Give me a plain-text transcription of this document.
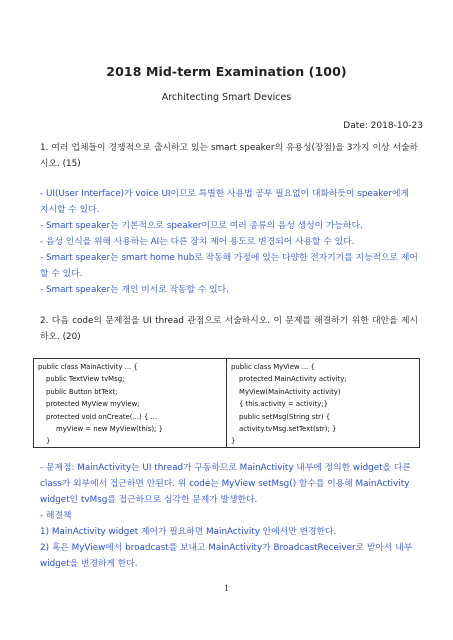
2018 Mid-term Examination (100)
Architecting Smart Devices
Date: 2018-10-23
1. 여러 업체들이 경쟁적으로 출시하고 있는 smart speaker의 유용성(장점)을 3가지 이상 서술하시오. (15)
- UI(User Interface)가 voice UI이므로 특별한 사용법 공부 필요없이 대화하듯이 speaker에게 지시할 수 있다.
- Smart speaker는 기본적으로 speaker이므로 여러 종류의 음성 생성이 가능하다.
- 음성 인식을 위해 사용하는 AI는 다른 장치 제어 용도로 변경되어 사용할 수 있다.
- Smart speaker는 smart home hub로 작동해 가정에 있는 다양한 전자기기를 지능적으로 제어할 수 있다.
- Smart speaker는 개인 비서로 작동할 수 있다.
2. 다음 code의 문제점을 UI thread 관점으로 서술하시오. 이 문제를 해결하기 위한 대안을 제시하오. (20)
public class MainActivity ... {
public TextView tvMsg;
public Button btText;
protected MyView myView;
protected void onCreate(...) { ...
myView = new MyView(this); }
}
public class MyView ... {
protected MainActivity activity;
MyView(MainActivity activity)
{ this.activity = activity;}
public setMsg(String str) {
activity.tvMsg.setText(str); }
}
- 문제점: MainActivity는 UI thread가 구동하므로 MainActivity 내부에 정의한 widget을 다른 class가 외부에서 접근하면 안된다. 위 code는 MyView setMsg() 함수를 이용해 MainActivity widget인 tvMsg를 접근하므로 심각한 문제가 발생한다.
- 해결책
1) MainActivity widget 제어가 필요하면 MainActivity 안에서만 변경한다.
2) 혹은 MyView에서 broadcast를 보내고 MainActivity가 BroadcastReceiver로 받아서 내부 widget을 변경하게 한다.
1
